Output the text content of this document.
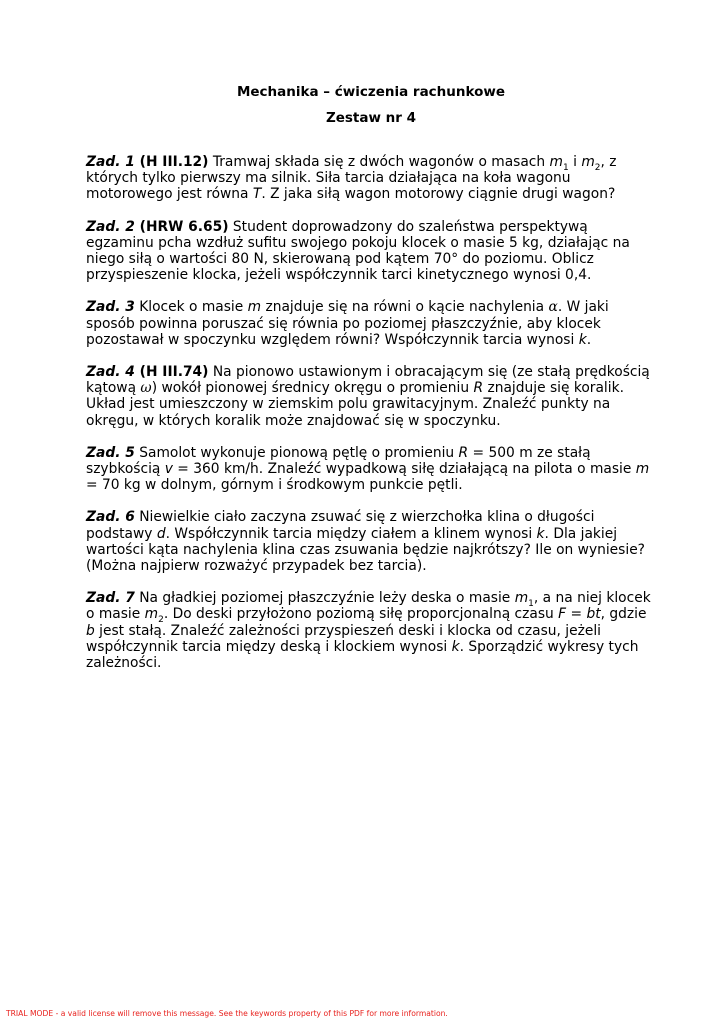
Mechanika – ćwiczenia rachunkowe

Zestaw nr 4

Zad. 1 (H III.12) Tramwaj składa się z dwóch wagonów o masach $m_1$ i $m_2$, z których tylko pierwszy ma silnik. Siła tarcia działająca na koła wagonu motorowego jest równa T. Z jaka siłą wagon motorowy ciągnie drugi wagon?

Zad. 2 (HRW 6.65) Student doprowadzony do szaleństwa perspektywą egzaminu pcha wzdłuż sufitu swojego pokoju klocek o masie 5 kg, działając na niego siłą o wartości 80 N, skierowaną pod kątem 70° do poziomu. Oblicz przyspieszenie klocka, jeżeli współczynnik tarci kinetycznego wynosi 0,4.

Zad. 3 Klocek o masie m znajduje się na równi o kącie nachylenia α. W jaki sposób powinna poruszać się równia po poziomej płaszczyźnie, aby klocek pozostawał w spoczynku względem równi? Współczynnik tarcia wynosi k.

Zad. 4 (H III.74) Na pionowo ustawionym i obracającym się (ze stałą prędkością kątową ω) wokół pionowej średnicy okręgu o promieniu R znajduje się koralik. Układ jest umieszczony w ziemskim polu grawitacyjnym. Znaleźć punkty na okręgu, w których koralik może znajdować się w spoczynku.

Zad. 5 Samolot wykonuje pionową pętlę o promieniu R = 500 m ze stałą szybkością v = 360 km/h. Znaleźć wypadkową siłę działającą na pilota o masie m = 70 kg w dolnym, górnym i środkowym punkcie pętli.

Zad. 6 Niewielkie ciało zaczyna zsuwać się z wierzchołka klina o długości podstawy d. Współczynnik tarcia między ciałem a klinem wynosi k. Dla jakiej wartości kąta nachylenia klina czas zsuwania będzie najkrótszy? Ile on wyniesie? (Można najpierw rozważyć przypadek bez tarcia).

Zad. 7 Na gładkiej poziomej płaszczyźnie leży deska o masie $m_1$, a na niej klocek o masie $m_2$. Do deski przyłożono poziomą siłę proporcjonalną czasu F = bt, gdzie b jest stałą. Znaleźć zależności przyspieszeń deski i klocka od czasu, jeżeli współczynnik tarcia między deską i klockiem wynosi k. Sporządzić wykresy tych zależności.

TRIAL MODE - a valid license will remove this message. See the keywords property of this PDF for more information.
